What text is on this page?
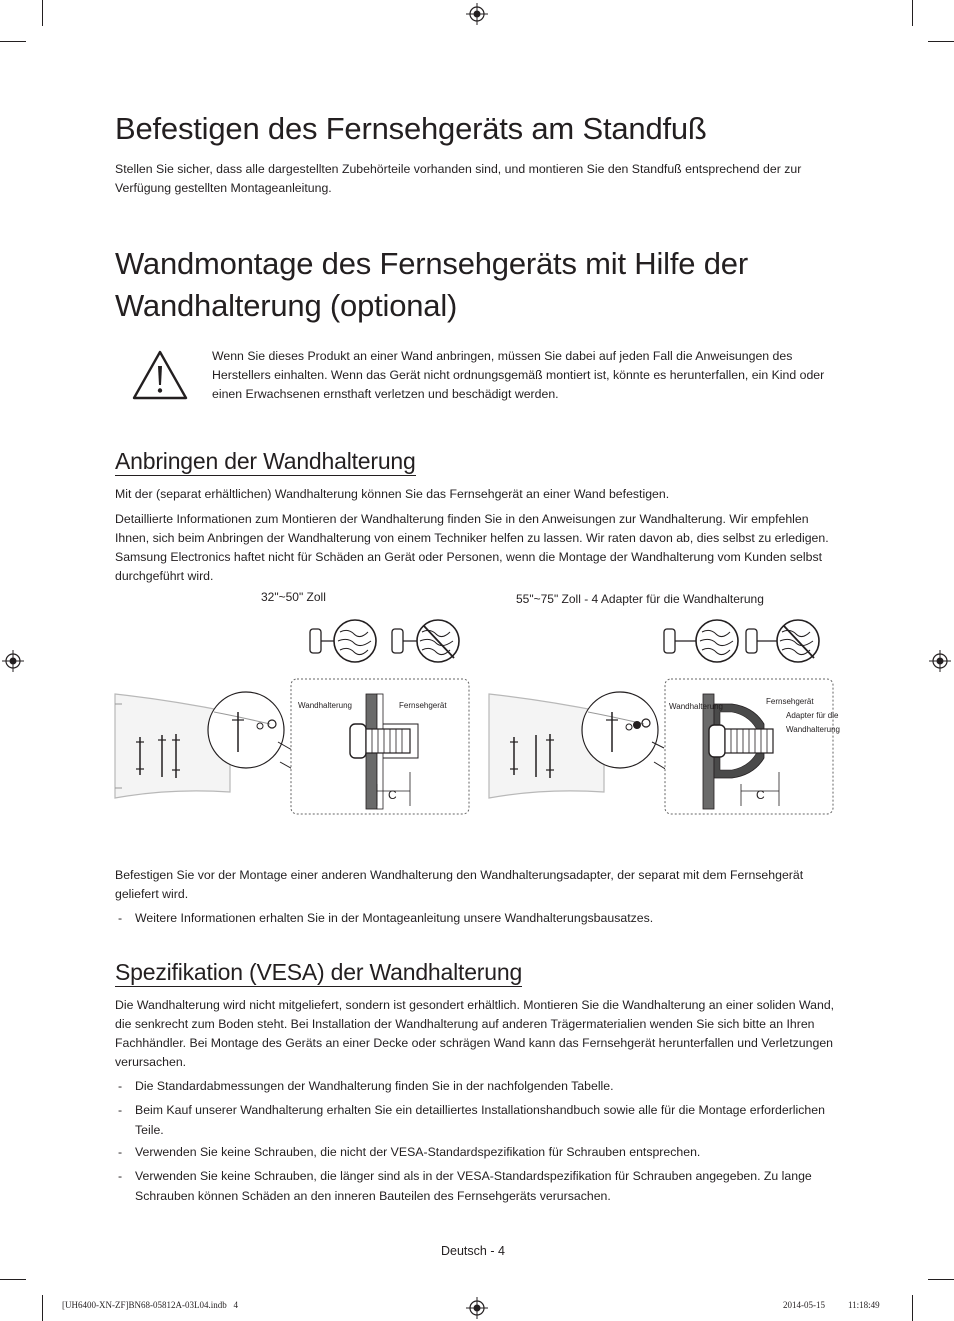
Befestigen des Fernsehgeräts am Standfuß

Stellen Sie sicher, dass alle dargestellten Zubehörteile vorhanden sind, und montieren Sie den Standfuß entsprechend der zur Verfügung gestellten Montageanleitung.

Wandmontage des Fernsehgeräts mit Hilfe der Wandhalterung (optional)

Wenn Sie dieses Produkt an einer Wand anbringen, müssen Sie dabei auf jeden Fall die Anweisungen des Herstellers einhalten. Wenn das Gerät nicht ordnungsgemäß montiert ist, könnte es herunterfallen, ein Kind oder einen Erwachsenen ernsthaft verletzen und beschädigt werden.

Anbringen der Wandhalterung

Mit der (separat erhältlichen) Wandhalterung können Sie das Fernsehgerät an einer Wand befestigen.

Detaillierte Informationen zum Montieren der Wandhalterung finden Sie in den Anweisungen zur Wandhalterung. Wir empfehlen Ihnen, sich beim Anbringen der Wandhalterung von einem Techniker helfen zu lassen. Wir raten davon ab, dies selbst zu erledigen. Samsung Electronics haftet nicht für Schäden an Gerät oder Personen, wenn die Montage der Wandhalterung vom Kunden selbst durchgeführt wird.

32"~50" Zoll	55"~75" Zoll - 4 Adapter für die Wandhalterung
Wandhalterung	Fernsehgerät
C
Wandhalterung
Fernsehgerät
Adapter für die
Wandhalterung
C

Befestigen Sie vor der Montage einer anderen Wandhalterung den Wandhalterungsadapter, der separat mit dem Fernsehgerät geliefert wird.

- Weitere Informationen erhalten Sie in der Montageanleitung unsere Wandhalterungsbausatzes.
Spezifikation (VESA) der Wandhalterung

Die Wandhalterung wird nicht mitgeliefert, sondern ist gesondert erhältlich. Montieren Sie die Wandhalterung an einer soliden Wand, die senkrecht zum Boden steht. Bei Installation der Wandhalterung auf anderen Trägermaterialien wenden Sie sich bitte an Ihren Fachhändler. Bei Montage des Geräts an einer Decke oder schrägen Wand kann das Fernsehgerät herunterfallen und Verletzungen verursachen.

- Die Standardabmessungen der Wandhalterung finden Sie in der nachfolgenden Tabelle.
- Beim Kauf unserer Wandhalterung erhalten Sie ein detailliertes Installationshandbuch sowie alle für die Montage erforderlichen Teile.
- Verwenden Sie keine Schrauben, die nicht der VESA-Standardspezifikation für Schrauben entsprechen.
- Verwenden Sie keine Schrauben, die länger sind als in der VESA-Standardspezifikation für Schrauben angegeben. Zu lange Schrauben können Schäden an den inneren Bauteilen des Fernsehgeräts verursachen.
Deutsch - 4
[UH6400-XN-ZF]BN68-05812A-03L04.indb   4	2014-05-15   ￿￿ 11:18:49
